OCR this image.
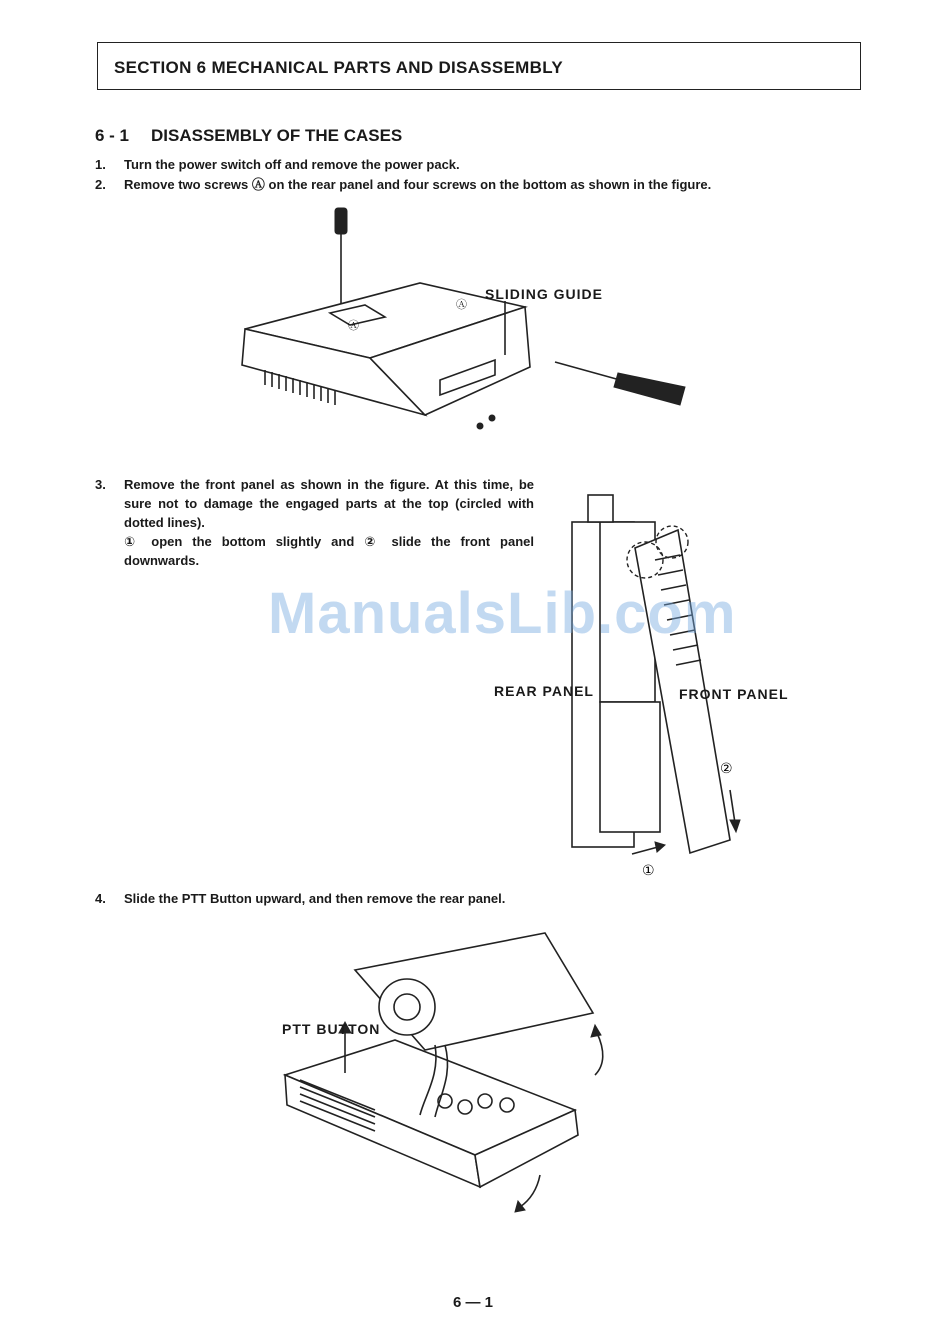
SECTION 6 MECHANICAL PARTS AND DISASSEMBLY
6 - 1 DISASSEMBLY OF THE CASES
1. Turn the power switch off and remove the power pack.
2. Remove two screws Ⓐ on the rear panel and four screws on the bottom as shown in the figure.
3. Remove the front panel as shown in the figure. At this time, be sure not to damage the engaged parts at the top (circled with dotted lines).
① open the bottom slightly and ② slide the front panel downwards.
4. Slide the PTT Button upward, and then remove the rear panel.
Ⓐ
Ⓐ
SLIDING GUIDE
①
②
REAR PANEL	FRONT PANEL
PTT BUTTON
ManualsLib.com
6 — 1
